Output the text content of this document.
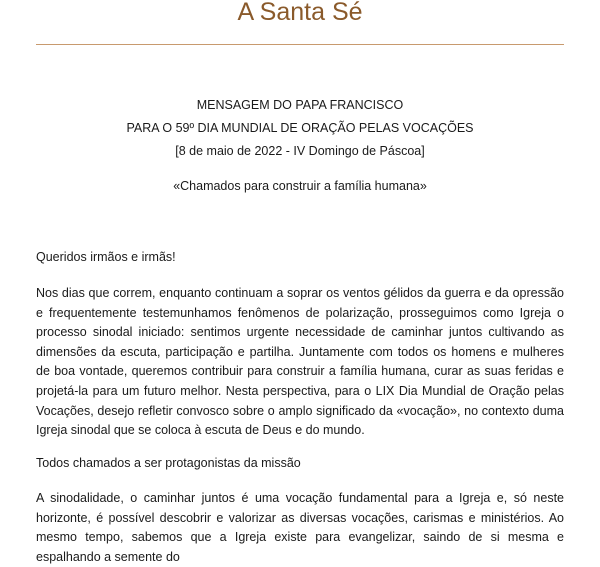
A Santa Sé
MENSAGEM DO PAPA FRANCISCO
PARA O 59º DIA MUNDIAL DE ORAÇÃO PELAS VOCAÇÕES
[8 de maio de 2022 - IV Domingo de Páscoa]
«Chamados para construir a família humana»

Queridos irmãos e irmãs!

Nos dias que correm, enquanto continuam a soprar os ventos gélidos da guerra e da opressão e frequentemente testemunhamos fenômenos de polarização, prosseguimos como Igreja o processo sinodal iniciado: sentimos urgente necessidade de caminhar juntos cultivando as dimensões da escuta, participação e partilha. Juntamente com todos os homens e mulheres de boa vontade, queremos contribuir para construir a família humana, curar as suas feridas e projetá-la para um futuro melhor. Nesta perspectiva, para o LIX Dia Mundial de Oração pelas Vocações, desejo refletir convosco sobre o amplo significado da «vocação», no contexto duma Igreja sinodal que se coloca à escuta de Deus e do mundo.

Todos chamados a ser protagonistas da missão

A sinodalidade, o caminhar juntos é uma vocação fundamental para a Igreja e, só neste horizonte, é possível descobrir e valorizar as diversas vocações, carismas e ministérios. Ao mesmo tempo, sabemos que a Igreja existe para evangelizar, saindo de si mesma e espalhando a semente do
